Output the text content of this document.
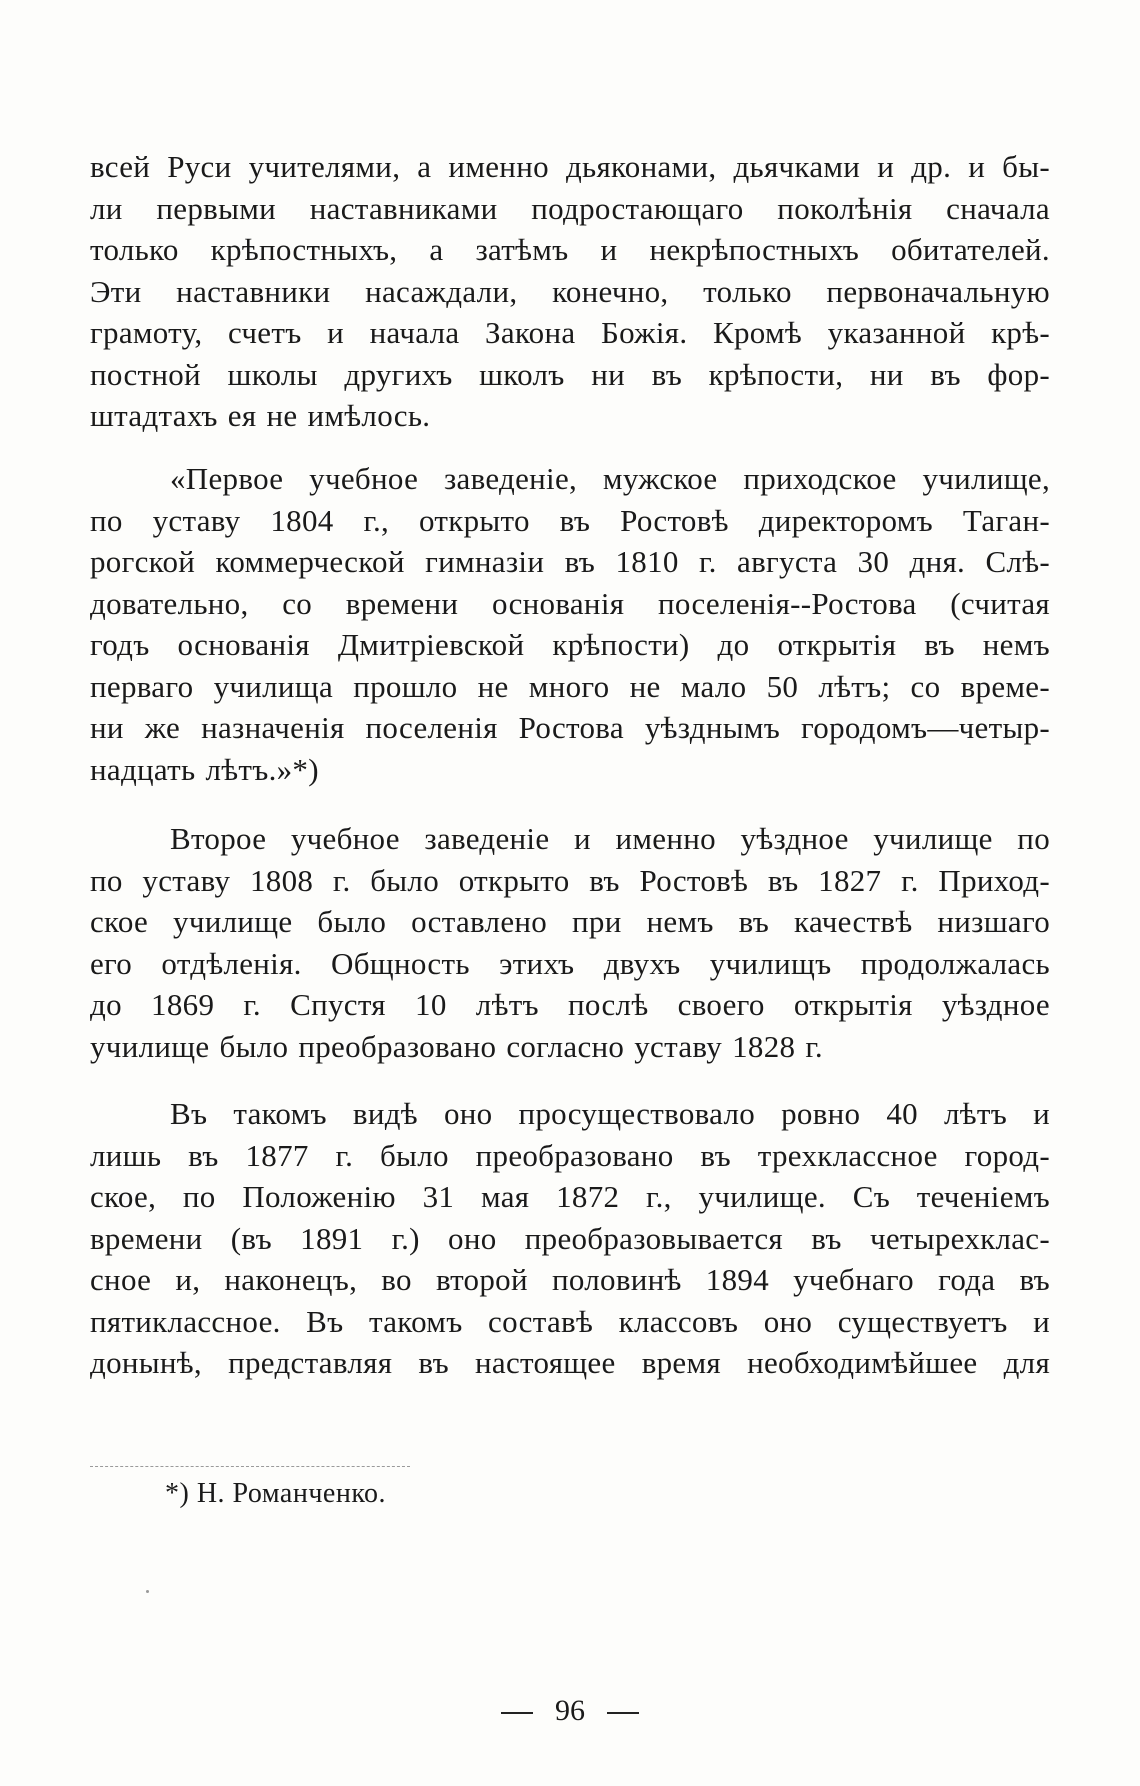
всей Руси учителями, а именно дьяконами, дьячками и др. и бы-
ли первыми наставниками подростающаго поколѣнія сначала
только крѣпостныхъ, а затѣмъ и некрѣпостныхъ обитателей.
Эти наставники насаждали, конечно, только первоначальную
грамоту, счетъ и начала Закона Божія. Кромѣ указанной крѣ-
постной школы другихъ школъ ни въ крѣпости, ни въ фор-
штадтахъ ея не имѣлось.
«Первое учебное заведеніе, мужское приходское училище,
по уставу 1804 г., открыто въ Ростовѣ директоромъ Таган-
рогской коммерческой гимназіи въ 1810 г. августа 30 дня. Слѣ-
довательно, со времени основанія поселенія--Ростова (считая
годъ основанія Дмитріевской крѣпости) до открытія въ немъ
перваго училища прошло не много не мало 50 лѣтъ; со време-
ни же назначенія поселенія Ростова уѣзднымъ городомъ—четыр-
надцать лѣтъ.»*)
Второе учебное заведеніе и именно уѣздное училище по
по уставу 1808 г. было открыто въ Ростовѣ въ 1827 г. Приход-
ское училище было оставлено при немъ въ качествѣ низшаго
его отдѣленія. Общность этихъ двухъ училищъ продолжалась
до 1869 г. Спустя 10 лѣтъ послѣ своего открытія уѣздное
училище было преобразовано согласно уставу 1828 г.
Въ такомъ видѣ оно просуществовало ровно 40 лѣтъ и
лишь въ 1877 г. было преобразовано въ трехклассное город-
ское, по Положенію 31 мая 1872 г., училище. Съ теченіемъ
времени (въ 1891 г.) оно преобразовывается въ четырехклас-
сное и, наконецъ, во второй половинѣ 1894 учебнаго года въ
пятиклассное. Въ такомъ составѣ классовъ оно существуетъ и
донынѣ, представляя въ настоящее время необходимѣйшее для

*) Н. Романченко.

96
